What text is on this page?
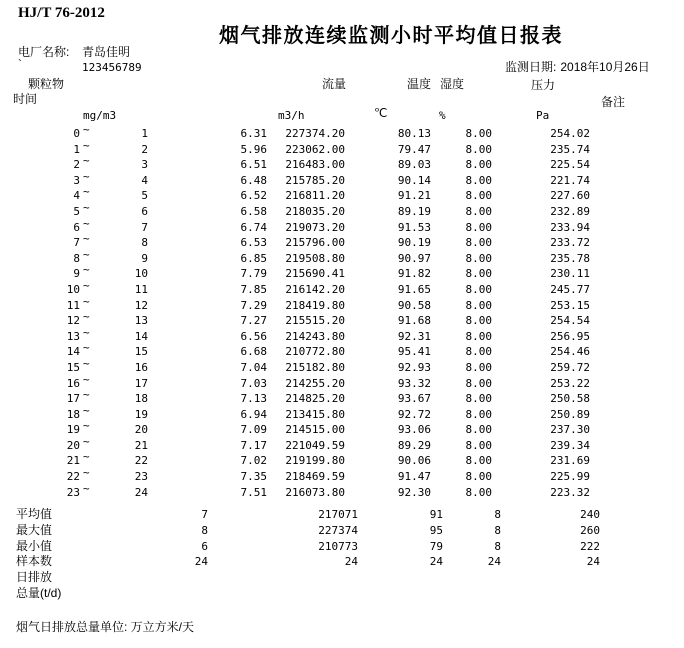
HJ/T 76-2012
烟气排放连续监测小时平均值日报表
电厂名称: 青岛佳明
`	123456789	监测日期: 2018年10月26日
颗粒物	流量	温度 湿度	压力
时间	备注
mg/m3	m3/h	℃	%	Pa
0 ~	1	6.31	227374.20	80.13	8.00	254.02
1 ~	2	5.96	223062.00	79.47	8.00	235.74
2 ~	3	6.51	216483.00	89.03	8.00	225.54
3 ~	4	6.48	215785.20	90.14	8.00	221.74
4 ~	5	6.52	216811.20	91.21	8.00	227.60
5 ~	6	6.58	218035.20	89.19	8.00	232.89
6 ~	7	6.74	219073.20	91.53	8.00	233.94
7 ~	8	6.53	215796.00	90.19	8.00	233.72
8 ~	9	6.85	219508.80	90.97	8.00	235.78
9 ~	10	7.79	215690.41	91.82	8.00	230.11
10 ~	11	7.85	216142.20	91.65	8.00	245.77
11 ~	12	7.29	218419.80	90.58	8.00	253.15
12 ~	13	7.27	215515.20	91.68	8.00	254.54
13 ~	14	6.56	214243.80	92.31	8.00	256.95
14 ~	15	6.68	210772.80	95.41	8.00	254.46
15 ~	16	7.04	215182.80	92.93	8.00	259.72
16 ~	17	7.03	214255.20	93.32	8.00	253.22
17 ~	18	7.13	214825.20	93.67	8.00	250.58
18 ~	19	6.94	213415.80	92.72	8.00	250.89
19 ~	20	7.09	214515.00	93.06	8.00	237.30
20 ~	21	7.17	221049.59	89.29	8.00	239.34
21 ~	22	7.02	219199.80	90.06	8.00	231.69
22 ~	23	7.35	218469.59	91.47	8.00	225.99
23 ~	24	7.51	216073.80	92.30	8.00	223.32
平均值	7	217071	91	8	240
最大值	8	227374	95	8	260
最小值	6	210773	79	8	222
样本数	24	24	24	24	24
日排放
总量(t/d)
烟气日排放总量单位: 万立方米/天
